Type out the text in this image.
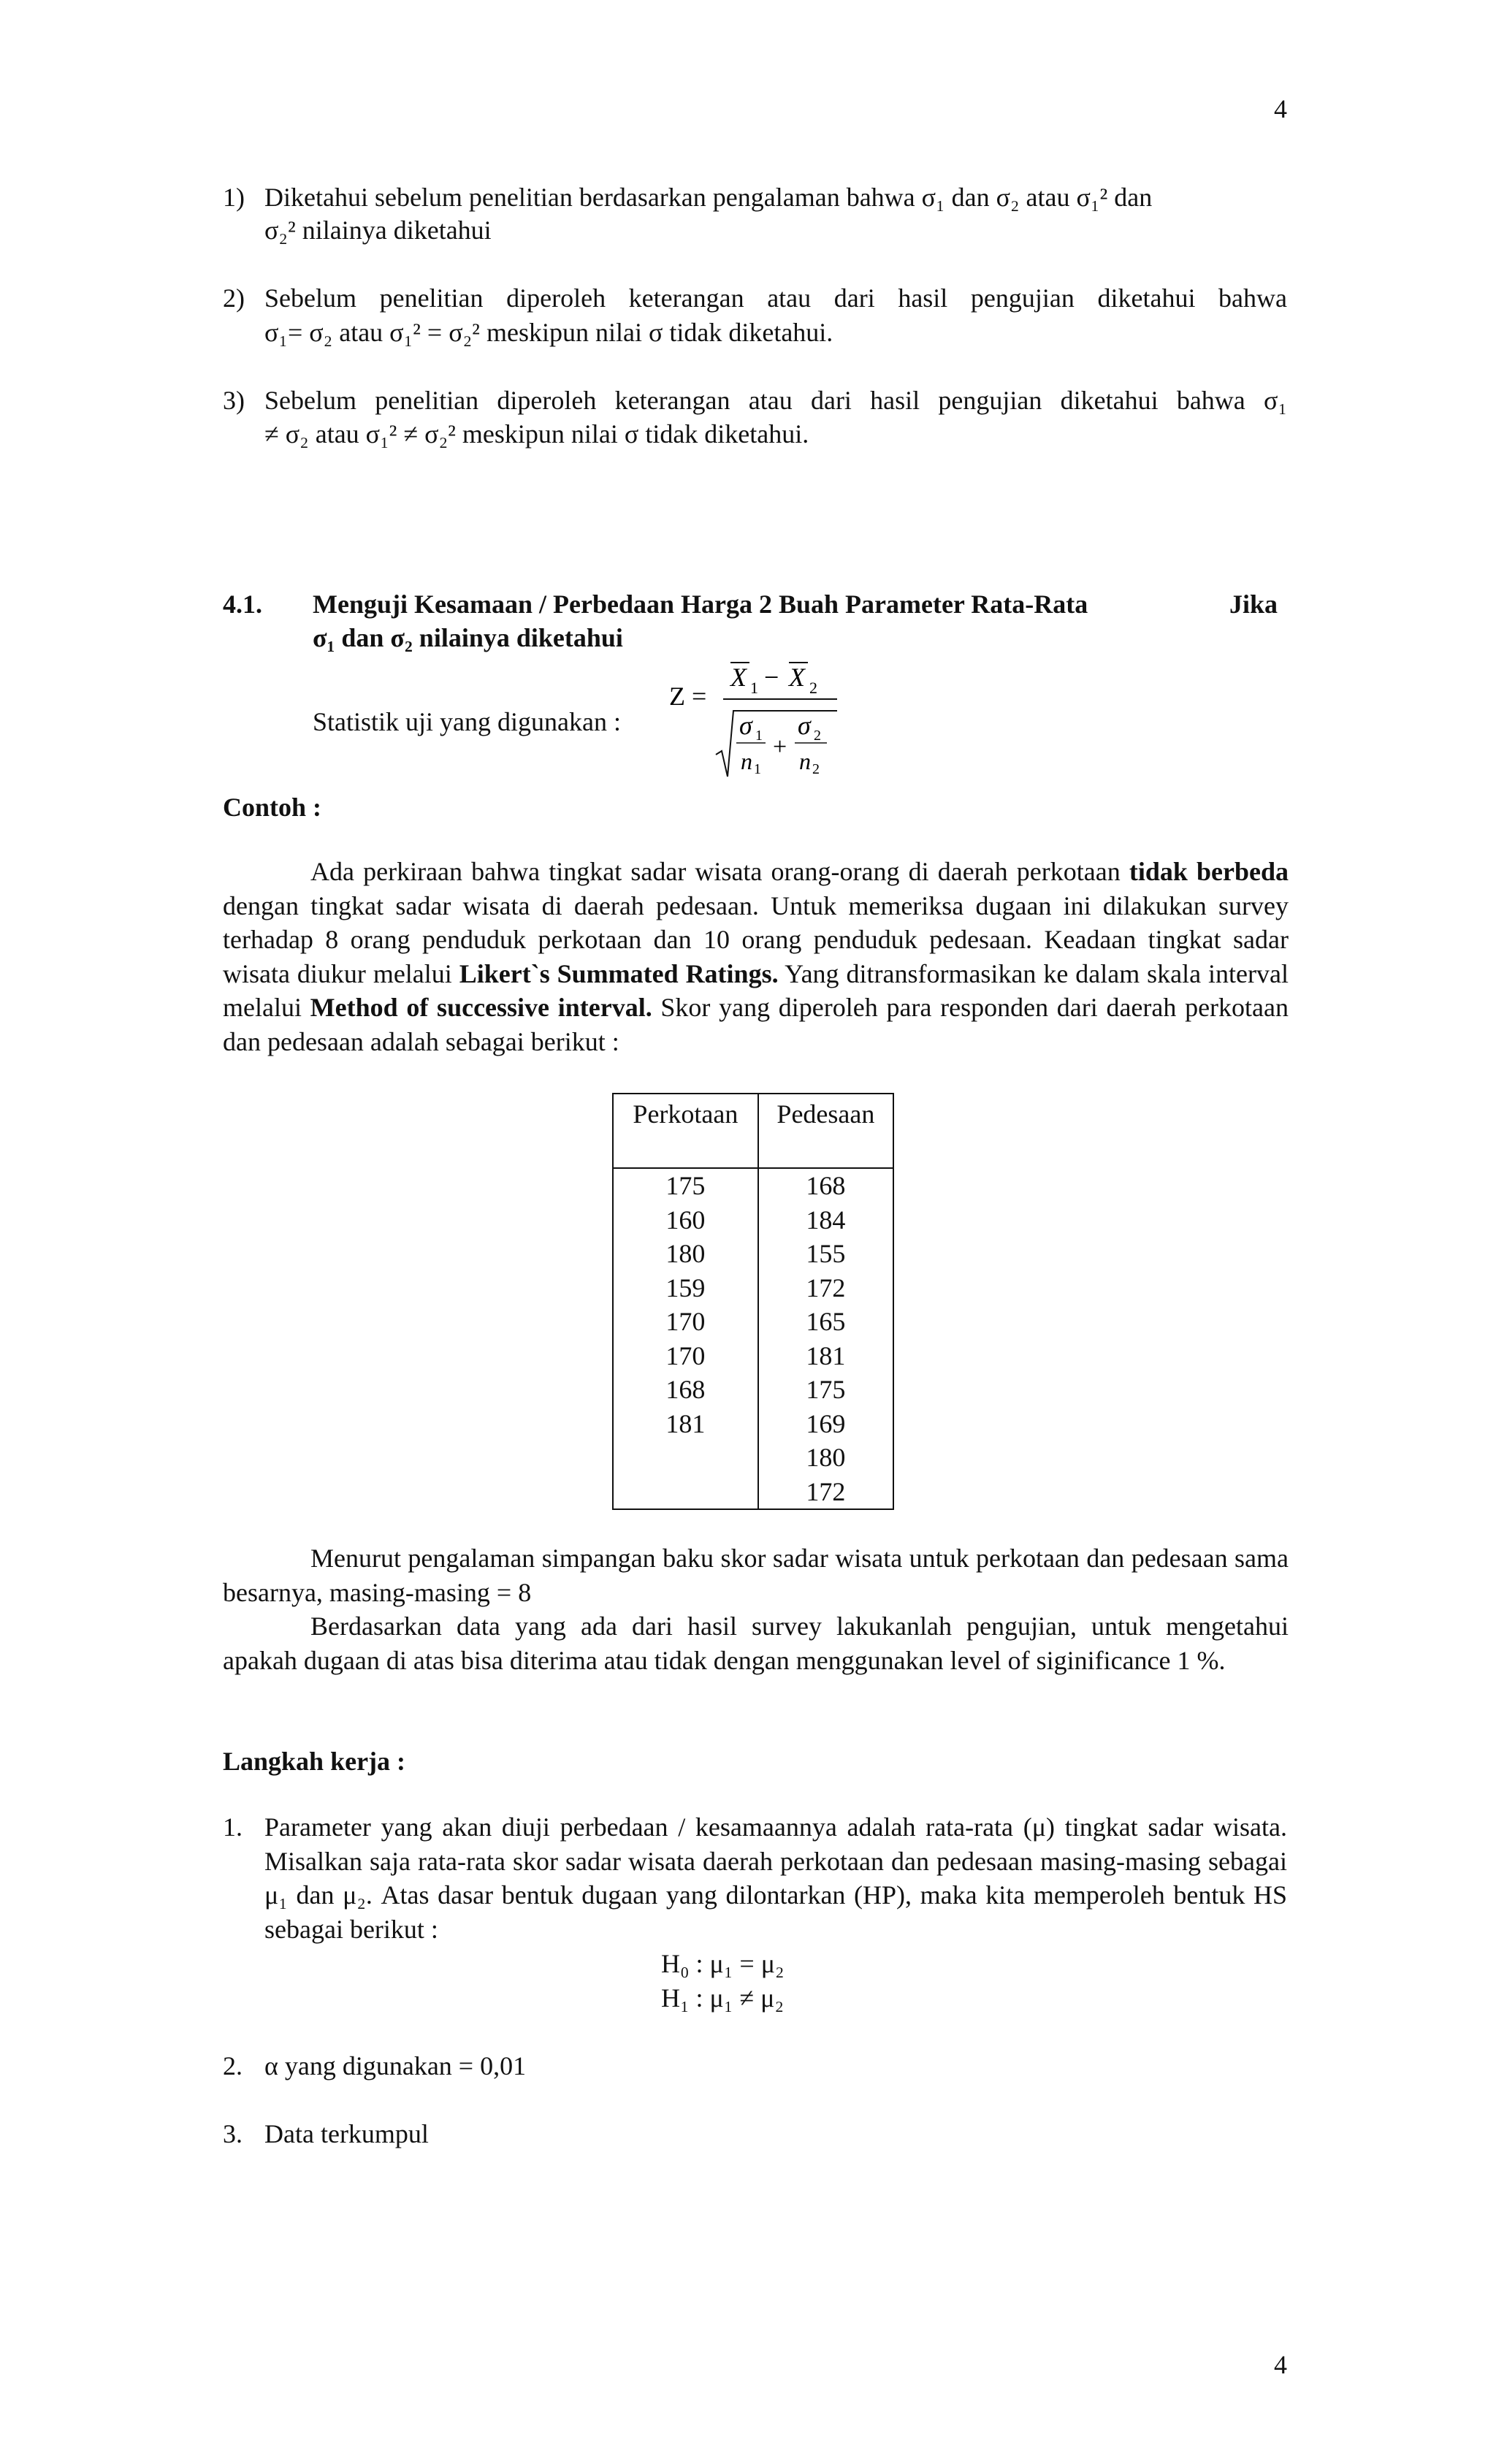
4
1) Diketahui sebelum penelitian berdasarkan pengalaman bahwa σ₁ dan σ₂ atau σ₁² dan
σ₂² nilainya diketahui
2) Sebelum penelitian diperoleh keterangan atau dari hasil pengujian diketahui bahwa
σ₁= σ₂ atau σ₁² = σ₂² meskipun nilai σ tidak diketahui.
3) Sebelum penelitian diperoleh keterangan atau dari hasil pengujian diketahui bahwa σ₁
≠ σ₂ atau σ₁² ≠ σ₂² meskipun nilai σ tidak diketahui.
4.1. Menguji Kesamaan / Perbedaan Harga 2 Buah Parameter Rata-Rata	Jika
σ₁ dan σ₂ nilainya diketahui
Statistik uji yang digunakan :
Z =
X 1 − X 2
σ 1
n 1
+
σ 2
n 2
Contoh :
Ada perkiraan bahwa tingkat sadar wisata orang-orang di daerah perkotaan tidak berbeda dengan tingkat sadar wisata di daerah pedesaan. Untuk memeriksa dugaan ini dilakukan survey terhadap 8 orang penduduk perkotaan dan 10 orang penduduk pedesaan. Keadaan tingkat sadar wisata diukur melalui Likert`s Summated Ratings. Yang ditransformasikan ke dalam skala interval melalui Method of successive interval. Skor yang diperoleh para responden dari daerah perkotaan dan pedesaan adalah sebagai berikut :
Perkotaan	Pedesaan
175	168
160	184
180	155
159	172
170	165
170	181
168	175
181	169
	180
	172
Menurut pengalaman simpangan baku skor sadar wisata untuk perkotaan dan pedesaan sama besarnya, masing-masing = 8
Berdasarkan data yang ada dari hasil survey lakukanlah pengujian, untuk mengetahui apakah dugaan di atas bisa diterima atau tidak dengan menggunakan level of siginificance 1 %.
Langkah kerja :
1. Parameter yang akan diuji perbedaan / kesamaannya adalah rata-rata (μ) tingkat sadar wisata. Misalkan saja rata-rata skor sadar wisata daerah perkotaan dan pedesaan masing-masing sebagai μ₁ dan μ₂. Atas dasar bentuk dugaan yang dilontarkan (HP), maka kita memperoleh bentuk HS sebagai berikut :
H₀ : μ₁ = μ₂
H₁ : μ₁ ≠ μ₂
2. α yang digunakan = 0,01
3. Data terkumpul
4
